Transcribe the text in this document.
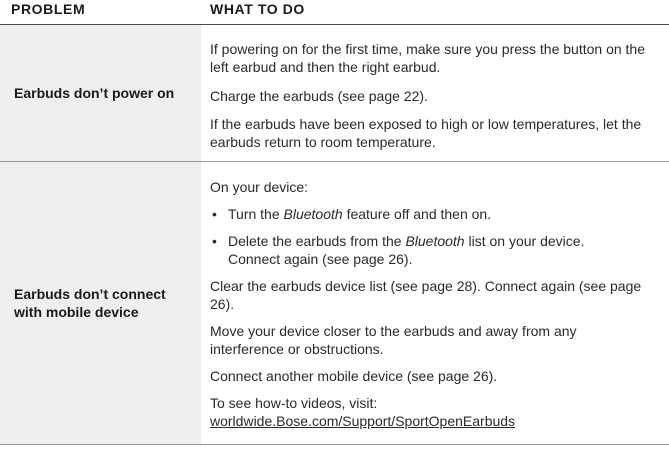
PROBLEM	WHAT TO DO
Earbuds don’t power on
If powering on for the first time, make sure you press the button on the left earbud and then the right earbud.
Charge the earbuds (see page 22).
If the earbuds have been exposed to high or low temperatures, let the earbuds return to room temperature.
Earbuds don’t connect with mobile device
On your device:
• Turn the Bluetooth feature off and then on.
• Delete the earbuds from the Bluetooth list on your device. Connect again (see page 26).
Clear the earbuds device list (see page 28). Connect again (see page 26).
Move your device closer to the earbuds and away from any interference or obstructions.
Connect another mobile device (see page 26).
To see how-to videos, visit:
worldwide.Bose.com/Support/SportOpenEarbuds
